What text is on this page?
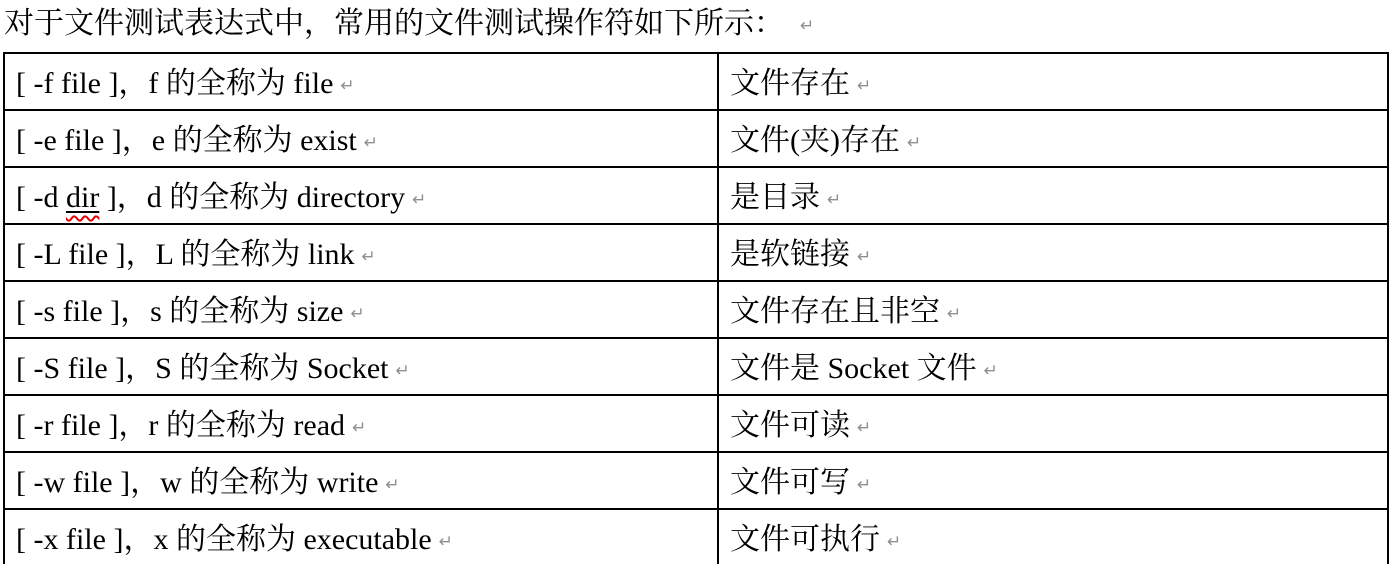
对于文件测试表达式中，常用的文件测试操作符如下所示： ↵
[ -f file ]，f 的全称为 file ↵	文件存在 ↵
[ -e file ]，e 的全称为 exist ↵	文件(夹)存在 ↵
[ -d dir ]，d 的全称为 directory ↵	是目录 ↵
[ -L file ]，L 的全称为 link ↵	是软链接 ↵
[ -s file ]，s 的全称为 size ↵	文件存在且非空 ↵
[ -S file ]，S 的全称为 Socket ↵	文件是 Socket 文件 ↵
[ -r file ]，r 的全称为 read ↵	文件可读 ↵
[ -w file ]，w 的全称为 write ↵	文件可写 ↵
[ -x file ]，x 的全称为 executable ↵	文件可执行 ↵
